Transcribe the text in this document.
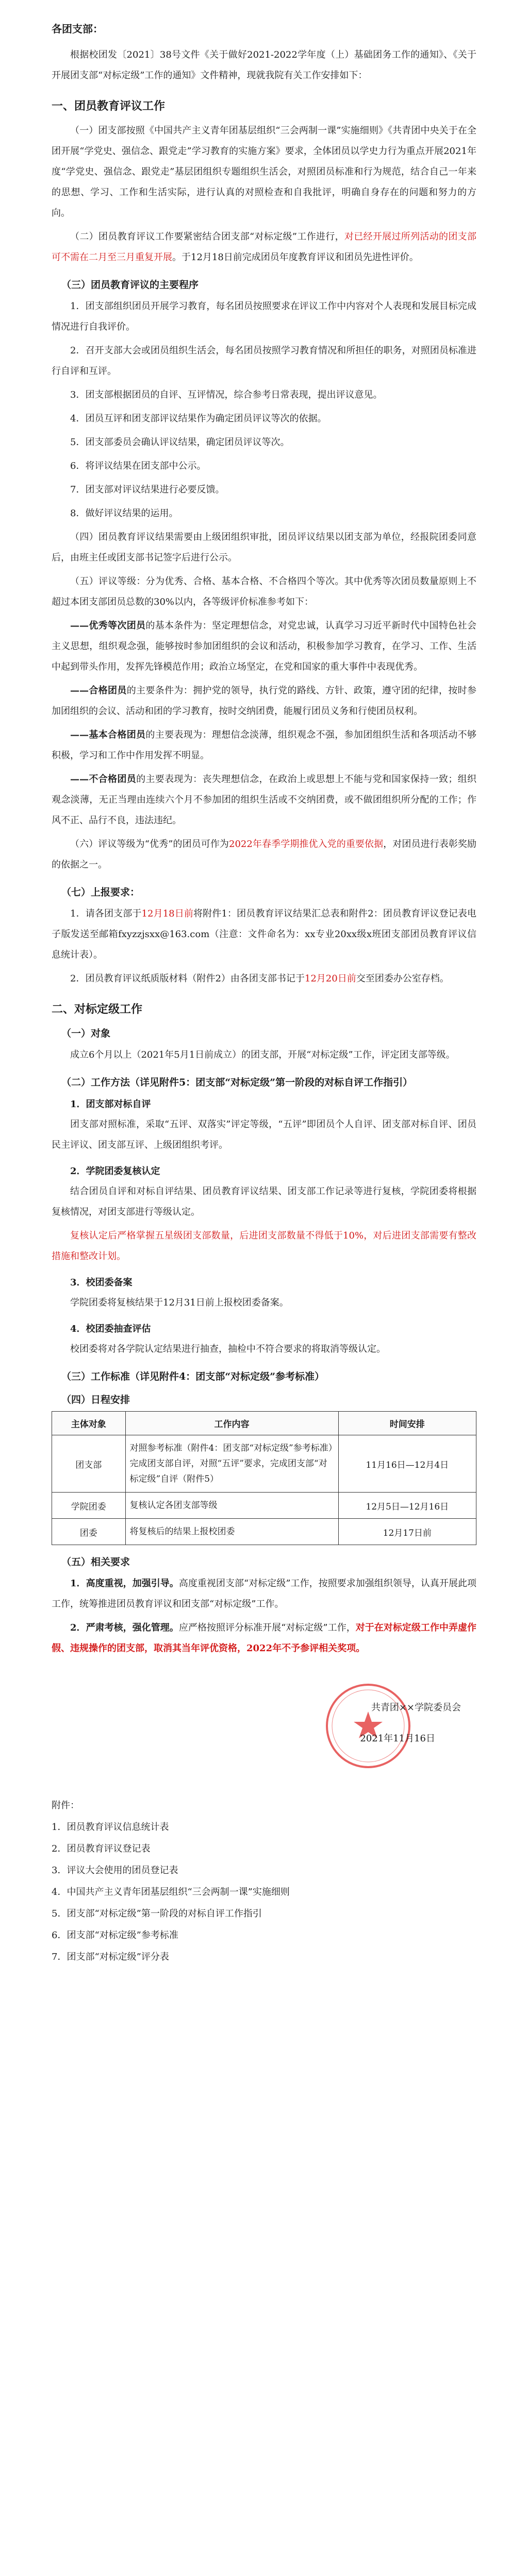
各团支部：

根据校团发〔2021〕38号文件《关于做好2021-2022学年度（上）基础团务工作的通知》、《关于开展团支部“对标定级”工作的通知》文件精神，现就我院有关工作安排如下：

一、团员教育评议工作

（一）团支部按照《中国共产主义青年团基层组织“三会两制一课”实施细则》《共青团中央关于在全团开展“学党史、强信念、跟党走”学习教育的实施方案》要求，全体团员以学史力行为重点开展2021年度“学党史、强信念、跟党走”基层团组织专题组织生活会，对照团员标准和行为规范，结合自己一年来的思想、学习、工作和生活实际，进行认真的对照检查和自我批评，明确自身存在的问题和努力的方向。

（二）团员教育评议工作要紧密结合团支部“对标定级”工作进行，对已经开展过所列活动的团支部可不需在二月至三月重复开展。于12月18日前完成团员年度教育评议和团员先进性评价。

（三）团员教育评议的主要程序

1．团支部组织团员开展学习教育，每名团员按照要求在评议工作中内容对个人表现和发展目标完成情况进行自我评价。

2．召开支部大会或团员组织生活会，每名团员按照学习教育情况和所担任的职务，对照团员标准进行自评和互评。

3．团支部根据团员的自评、互评情况，综合参考日常表现，提出评议意见。

4．团员互评和团支部评议结果作为确定团员评议等次的依据。

5．团支部委员会确认评议结果，确定团员评议等次。

6．将评议结果在团支部中公示。

7．团支部对评议结果进行必要反馈。

8．做好评议结果的运用。

（四）团员教育评议结果需要由上级团组织审批，团员评议结果以团支部为单位，经报院团委同意后，由班主任或团支部书记签字后进行公示。

（五）评议等级：分为优秀、合格、基本合格、不合格四个等次。其中优秀等次团员数量原则上不超过本团支部团员总数的30%以内，各等级评价标准参考如下：

——优秀等次团员的基本条件为：坚定理想信念，对党忠诚，认真学习习近平新时代中国特色社会主义思想，组织观念强，能够按时参加团组织的会议和活动，积极参加学习教育，在学习、工作、生活中起到带头作用，发挥先锋模范作用；政治立场坚定，在党和国家的重大事件中表现优秀。

——合格团员的主要条件为：拥护党的领导，执行党的路线、方针、政策，遵守团的纪律，按时参加团组织的会议、活动和团的学习教育，按时交纳团费，能履行团员义务和行使团员权利。

——基本合格团员的主要表现为：理想信念淡薄，组织观念不强，参加团组织生活和各项活动不够积极，学习和工作中作用发挥不明显。

——不合格团员的主要表现为：丧失理想信念，在政治上或思想上不能与党和国家保持一致；组织观念淡薄，无正当理由连续六个月不参加团的组织生活或不交纳团费，或不做团组织所分配的工作；作风不正、品行不良，违法违纪。

（六）评议等级为“优秀”的团员可作为2022年春季学期推优入党的重要依据，对团员进行表彰奖励的依据之一。

（七）上报要求：

1．请各团支部于12月18日前将附件1：团员教育评议结果汇总表和附件2：团员教育评议登记表电子版发送至邮箱fxyzzjsxx@163.com（注意：文件命名为：xx专业20xx级x班团支部团员教育评议信息统计表）。

2．团员教育评议纸质版材料（附件2）由各团支部书记于12月20日前交至团委办公室存档。

二、对标定级工作
（一）对象

成立6个月以上（2021年5月1日前成立）的团支部，开展“对标定级”工作，评定团支部等级。

（二）工作方法（详见附件5：团支部“对标定级”第一阶段的对标自评工作指引）
1．团支部对标自评

团支部对照标准，采取“五评、双落实”评定等级，“五评”即团员个人自评、团支部对标自评、团员民主评议、团支部互评、上级团组织考评。

2．学院团委复核认定

结合团员自评和对标自评结果、团员教育评议结果、团支部工作记录等进行复核，学院团委将根据复核情况，对团支部进行等级认定。

复核认定后严格掌握五星级团支部数量，后进团支部数量不得低于10%，对后进团支部需要有整改措施和整改计划。

3．校团委备案

学院团委将复核结果于12月31日前上报校团委备案。

4．校团委抽查评估

校团委将对各学院认定结果进行抽查，抽检中不符合要求的将取消等级认定。

（三）工作标准（详见附件4：团支部“对标定级”参考标准）
（四）日程安排
主体对象	工作内容	时间安排
团支部	对照参考标准（附件4：团支部“对标定级”参考标准）完成团支部自评，对照“五评”要求，完成团支部“对标定级”自评（附件5）	11月16日—12月4日
学院团委	复核认定各团支部等级	12月5日—12月16日
团委	将复核后的结果上报校团委	12月17日前
（五）相关要求

1．高度重视，加强引导。高度重视团支部“对标定级”工作，按照要求加强组织领导，认真开展此项工作，统筹推进团员教育评议和团支部“对标定级”工作。

2．严肃考核，强化管理。应严格按照评分标准开展“对标定级”工作，对于在对标定级工作中弄虚作假、违规操作的团支部，取消其当年评优资格，2022年不予参评相关奖项。

共青团××学院委员会
2021年11月16日
附件：

1．团员教育评议信息统计表

2．团员教育评议登记表

3．评议大会使用的团员登记表

4．中国共产主义青年团基层组织“三会两制一课”实施细则

5．团支部“对标定级”第一阶段的对标自评工作指引

6．团支部“对标定级”参考标准

7．团支部“对标定级”评分表
